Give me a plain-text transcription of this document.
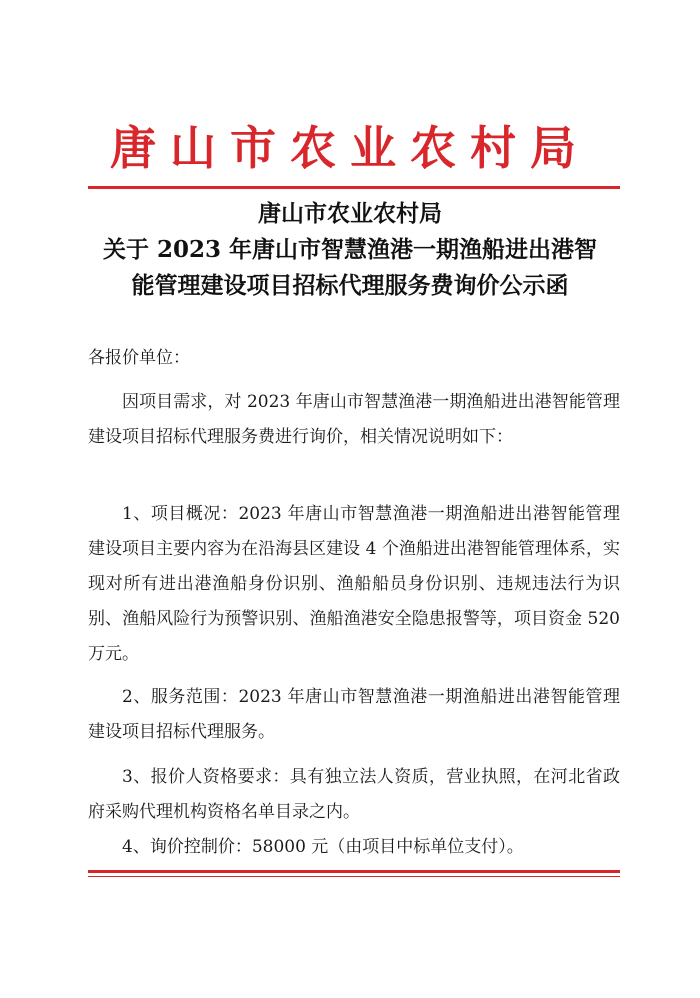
唐山市农业农村局
唐山市农业农村局
关于 2023 年唐山市智慧渔港一期渔船进出港智
能管理建设项目招标代理服务费询价公示函
各报价单位：
因项目需求，对 2023 年唐山市智慧渔港一期渔船进出港智能管理建设项目招标代理服务费进行询价，相关情况说明如下：
1、项目概况：2023 年唐山市智慧渔港一期渔船进出港智能管理建设项目主要内容为在沿海县区建设 4 个渔船进出港智能管理体系，实现对所有进出港渔船身份识别、渔船船员身份识别、违规违法行为识别、渔船风险行为预警识别、渔船渔港安全隐患报警等，项目资金 520 万元。
2、服务范围：2023 年唐山市智慧渔港一期渔船进出港智能管理建设项目招标代理服务。
3、报价人资格要求：具有独立法人资质，营业执照，在河北省政府采购代理机构资格名单目录之内。
4、询价控制价：58000 元（由项目中标单位支付）。
